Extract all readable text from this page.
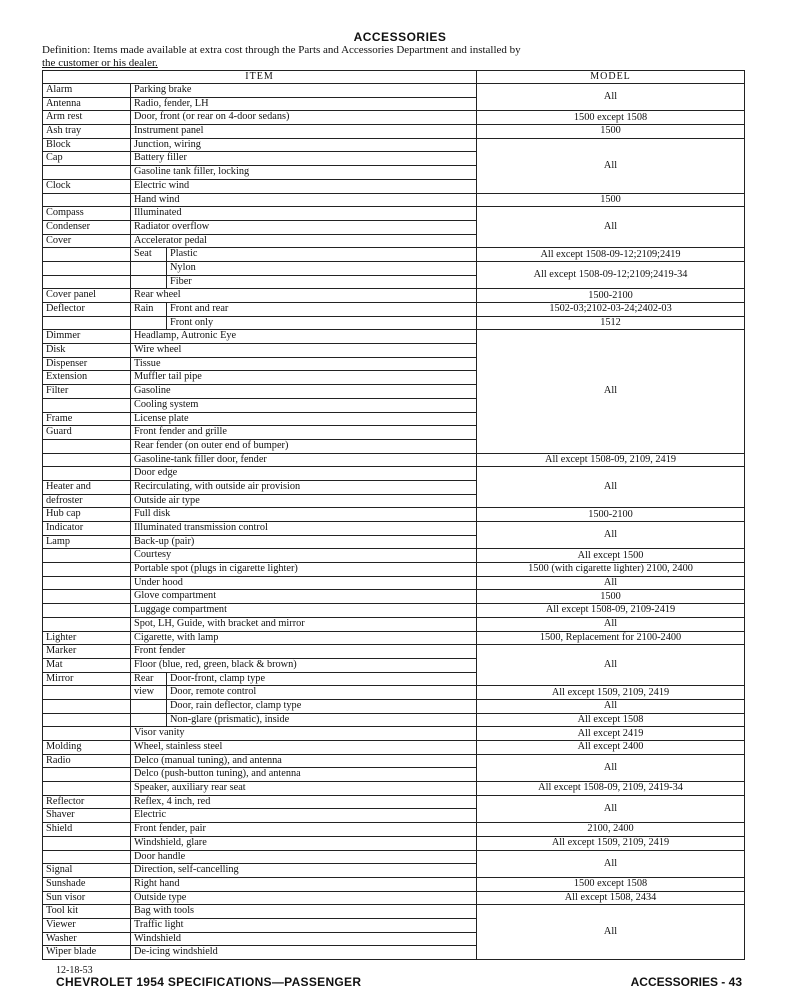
ACCESSORIES
Definition: Items made available at extra cost through the Parts and Accessories Department and installed by
the customer or his dealer.
ITEM			MODEL
Alarm	Parking brake		All
Antenna	Radio, fender, LH		
Arm rest	Door, front (or rear on 4-door sedans)		1500 except 1508
Ash tray	Instrument panel		1500
Block	Junction, wiring		All
Cap	Battery filler		
	Gasoline tank filler, locking		
Clock	Electric wind		
	Hand wind		1500
Compass	Illuminated		All
Condenser	Radiator overflow		
Cover	Accelerator pedal		
	Seat	Plastic	All except 1508-09-12;2109;2419
		Nylon	All except 1508-09-12;2109;2419-34
		Fiber	
Cover panel	Rear wheel		1500-2100
Deflector	Rain	Front and rear	1502-03;2102-03-24;2402-03
		Front only	1512
Dimmer	Headlamp, Autronic Eye		All
Disk	Wire wheel		
Dispenser	Tissue		
Extension	Muffler tail pipe		
Filter	Gasoline		
	Cooling system		
Frame	License plate		
Guard	Front fender and grille		
	Rear fender (on outer end of bumper)		
	Gasoline-tank filler door, fender		All except 1508-09, 2109, 2419
	Door edge		All
Heater and	Recirculating, with outside air provision		
defroster	Outside air type		
Hub cap	Full disk		1500-2100
Indicator	Illuminated transmission control		All
Lamp	Back-up (pair)		
	Courtesy		All except 1500
	Portable spot (plugs in cigarette lighter)		1500 (with cigarette lighter) 2100, 2400
	Under hood		All
	Glove compartment		1500
	Luggage compartment		All except 1508-09, 2109-2419
	Spot, LH, Guide, with bracket and mirror		All
Lighter	Cigarette, with lamp		1500, Replacement for 2100-2400
Marker	Front fender		All
Mat	Floor (blue, red, green, black & brown)		
Mirror	Rear	Door-front, clamp type	
	view	Door, remote control	All except 1509, 2109, 2419
		Door, rain deflector, clamp type	All
		Non-glare (prismatic), inside	All except 1508
	Visor vanity		All except 2419
Molding	Wheel, stainless steel		All except 2400
Radio	Delco (manual tuning), and antenna		All
	Delco (push-button tuning), and antenna		
	Speaker, auxiliary rear seat		All except 1508-09, 2109, 2419-34
Reflector	Reflex, 4 inch, red		All
Shaver	Electric		
Shield	Front fender, pair		2100, 2400
	Windshield, glare		All except 1509, 2109, 2419
	Door handle		All
Signal	Direction, self-cancelling		
Sunshade	Right hand		1500 except 1508
Sun visor	Outside type		All except 1508, 2434
Tool kit	Bag with tools		All
Viewer	Traffic light		
Washer	Windshield		
Wiper blade	De-icing windshield		
12-18-53
CHEVROLET 1954 SPECIFICATIONS—PASSENGER	ACCESSORIES - 43
